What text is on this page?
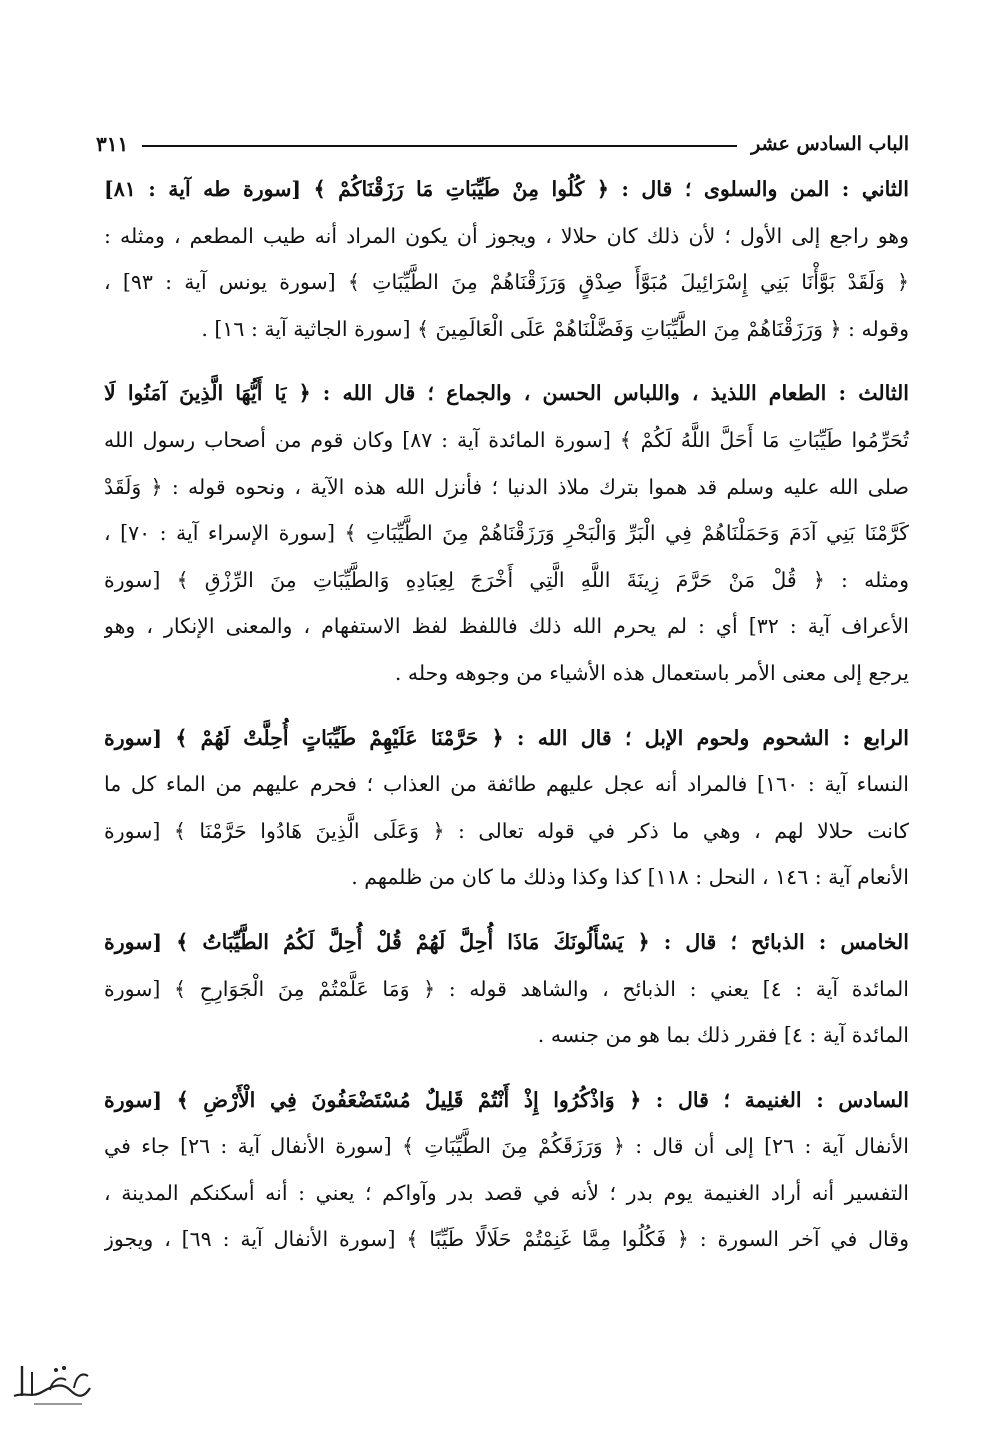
الباب السادس عشر
٣١١

الثاني : المن والسلوى ؛ قال : ﴿ كُلُوا مِنْ طَيِّبَاتِ مَا رَزَقْنَاكُمْ ﴾ [سورة طه آية : ٨١]
وهو راجع إلى الأول ؛ لأن ذلك كان حلالا ، ويجوز أن يكون المراد أنه طيب المطعم ، ومثله :
﴿ وَلَقَدْ بَوَّأْنَا بَنِي إِسْرَائِيلَ مُبَوَّأَ صِدْقٍ وَرَزَقْنَاهُمْ مِنَ الطَّيِّبَاتِ ﴾ [سورة يونس آية : ٩٣] ،
وقوله : ﴿ وَرَزَقْنَاهُمْ مِنَ الطَّيِّبَاتِ وَفَضَّلْنَاهُمْ عَلَى الْعَالَمِينَ ﴾ [سورة الجاثية آية : ١٦] .

الثالث : الطعام اللذيذ ، واللباس الحسن ، والجماع ؛ قال الله : ﴿ يَا أَيُّهَا الَّذِينَ آمَنُوا لَا
تُحَرِّمُوا طَيِّبَاتِ مَا أَحَلَّ اللَّهُ لَكُمْ ﴾ [سورة المائدة آية : ٨٧] وكان قوم من أصحاب رسول الله
صلى الله عليه وسلم قد هموا بترك ملاذ الدنيا ؛ فأنزل الله هذه الآية ، ونحوه قوله : ﴿ وَلَقَدْ
كَرَّمْنَا بَنِي آدَمَ وَحَمَلْنَاهُمْ فِي الْبَرِّ وَالْبَحْرِ وَرَزَقْنَاهُمْ مِنَ الطَّيِّبَاتِ ﴾ [سورة الإسراء آية : ٧٠] ،
ومثله : ﴿ قُلْ مَنْ حَرَّمَ زِينَةَ اللَّهِ الَّتِي أَخْرَجَ لِعِبَادِهِ وَالطَّيِّبَاتِ مِنَ الرِّزْقِ ﴾ [سورة
الأعراف آية : ٣٢] أي : لم يحرم الله ذلك فاللفظ لفظ الاستفهام ، والمعنى الإنكار ، وهو
يرجع إلى معنى الأمر باستعمال هذه الأشياء من وجوهه وحله .

الرابع : الشحوم ولحوم الإبل ؛ قال الله : ﴿ حَرَّمْنَا عَلَيْهِمْ طَيِّبَاتٍ أُحِلَّتْ لَهُمْ ﴾ [سورة
النساء آية : ١٦٠] فالمراد أنه عجل عليهم طائفة من العذاب ؛ فحرم عليهم من الماء كل ما
كانت حلالا لهم ، وهي ما ذكر في قوله تعالى : ﴿ وَعَلَى الَّذِينَ هَادُوا حَرَّمْنَا ﴾ [سورة
الأنعام آية : ١٤٦ ، النحل : ١١٨] كذا وكذا وذلك ما كان من ظلمهم .

الخامس : الذبائح ؛ قال : ﴿ يَسْأَلُونَكَ مَاذَا أُحِلَّ لَهُمْ قُلْ أُحِلَّ لَكُمُ الطَّيِّبَاتُ ﴾ [سورة
المائدة آية : ٤] يعني : الذبائح ، والشاهد قوله : ﴿ وَمَا عَلَّمْتُمْ مِنَ الْجَوَارِحِ ﴾ [سورة
المائدة آية : ٤] فقرر ذلك بما هو من جنسه .

السادس : الغنيمة ؛ قال : ﴿ وَاذْكُرُوا إِذْ أَنْتُمْ قَلِيلٌ مُسْتَضْعَفُونَ فِي الْأَرْضِ ﴾ [سورة
الأنفال آية : ٢٦] إلى أن قال : ﴿ وَرَزَقَكُمْ مِنَ الطَّيِّبَاتِ ﴾ [سورة الأنفال آية : ٢٦] جاء في
التفسير أنه أراد الغنيمة يوم بدر ؛ لأنه في قصد بدر وآواكم ؛ يعني : أنه أسكنكم المدينة ،
وقال في آخر السورة : ﴿ فَكُلُوا مِمَّا غَنِمْتُمْ حَلَالًا طَيِّبًا ﴾ [سورة الأنفال آية : ٦٩] ، ويجوز
